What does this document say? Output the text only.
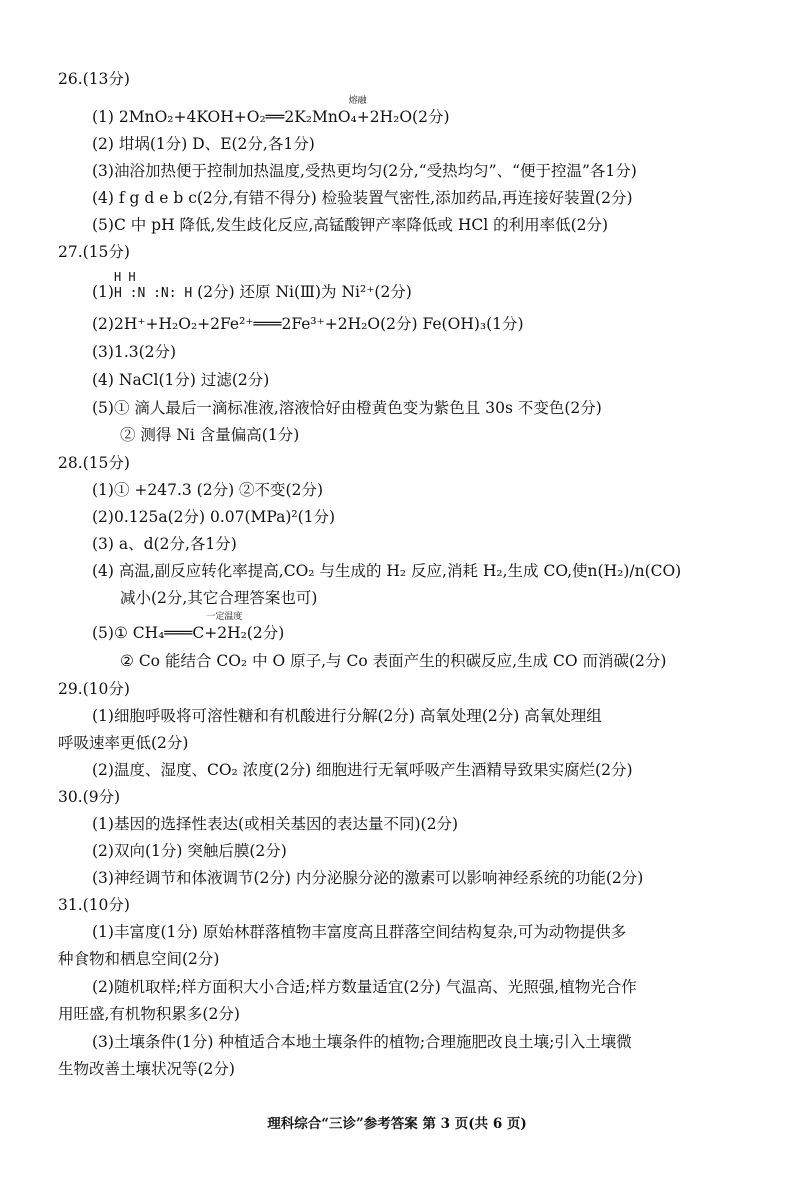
26.(13分)
(1) 2MnO₂+4KOH+O₂
熔融
══2K₂MnO₄+2H₂O(2分)
(2) 坩埚(1分) D、E(2分,各1分)
(3)油浴加热便于控制加热温度,受热更均匀(2分,“受热均匀”、“便于控温”各1分)
(4) f g d e b c(2分,有错不得分) 检验装置气密性,添加药品,再连接好装置(2分)
(5)C 中 pH 降低,发生歧化反应,高锰酸钾产率降低或 HCl 的利用率低(2分)
27.(15分)
(1)
H H
H :N :N: H (2分) 还原 Ni(Ⅲ)为 Ni²⁺(2分)
(2)2H⁺+H₂O₂+2Fe²⁺═══2Fe³⁺+2H₂O(2分) Fe(OH)₃(1分)
(3)1.3(2分)
(4) NaCl(1分) 过滤(2分)
(5)① 滴人最后一滴标准液,溶液恰好由橙黄色变为紫色且 30s 不变色(2分)
② 测得 Ni 含量偏高(1分)
28.(15分)
(1)① +247.3 (2分) ②不变(2分)
(2)0.125a(2分) 0.07(MPa)²(1分)
(3) a、d(2分,各1分)
(4) 高温,副反应转化率提高,CO₂ 与生成的 H₂ 反应,消耗 H₂,生成 CO,使n(H₂)/n(CO)
减小(2分,其它合理答案也可)
(5)① CH₄
一定温度
═══C+2H₂(2分)
② Co 能结合 CO₂ 中 O 原子,与 Co 表面产生的积碳反应,生成 CO 而消碳(2分)
29.(10分)
(1)细胞呼吸将可溶性糖和有机酸进行分解(2分) 高氧处理(2分) 高氧处理组
呼吸速率更低(2分)
(2)温度、湿度、CO₂ 浓度(2分) 细胞进行无氧呼吸产生酒精导致果实腐烂(2分)
30.(9分)
(1)基因的选择性表达(或相关基因的表达量不同)(2分)
(2)双向(1分) 突触后膜(2分)
(3)神经调节和体液调节(2分) 内分泌腺分泌的激素可以影响神经系统的功能(2分)
31.(10分)
(1)丰富度(1分) 原始林群落植物丰富度高且群落空间结构复杂,可为动物提供多
种食物和栖息空间(2分)
(2)随机取样;样方面积大小合适;样方数量适宜(2分) 气温高、光照强,植物光合作
用旺盛,有机物积累多(2分)
(3)土壤条件(1分) 种植适合本地土壤条件的植物;合理施肥改良土壤;引入土壤微
生物改善土壤状况等(2分)
理科综合“三诊”参考答案 第 3 页(共 6 页)
